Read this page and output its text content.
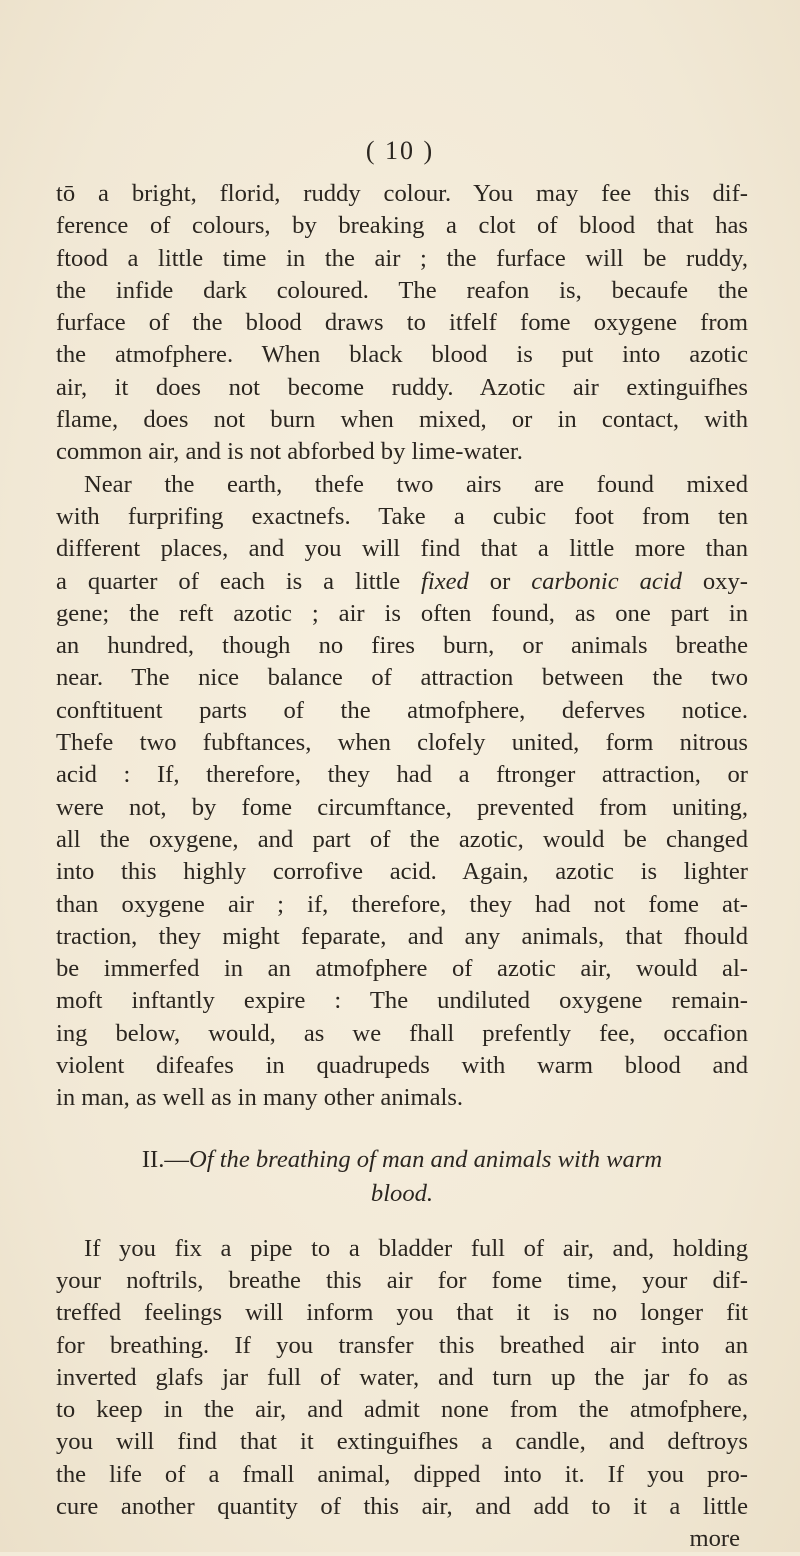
( 10 )

tō a bright, florid, ruddy colour. You may fee this dif-
ference of colours, by breaking a clot of blood that has
ftood a little time in the air ; the furface will be ruddy,
the infide dark coloured. The reafon is, becaufe the
furface of the blood draws to itfelf fome oxygene from
the atmofphere. When black blood is put into azotic
air, it does not become ruddy. Azotic air extinguifhes
flame, does not burn when mixed, or in contact, with
common air, and is not abforbed by lime-water.

Near the earth, thefe two airs are found mixed
with furprifing exactnefs. Take a cubic foot from ten
different places, and you will find that a little more than
a quarter of each is a little fixed or carbonic acid oxy-
gene; the reft azotic ; air is often found, as one part in
an hundred, though no fires burn, or animals breathe
near. The nice balance of attraction between the two
conftituent parts of the atmofphere, deferves notice.
Thefe two fubftances, when clofely united, form nitrous
acid : If, therefore, they had a ftronger attraction, or
were not, by fome circumftance, prevented from uniting,
all the oxygene, and part of the azotic, would be changed
into this highly corrofive acid. Again, azotic is lighter
than oxygene air ; if, therefore, they had not fome at-
traction, they might feparate, and any animals, that fhould
be immerfed in an atmofphere of azotic air, would al-
moft inftantly expire : The undiluted oxygene remain-
ing below, would, as we fhall prefently fee, occafion
violent difeafes in quadrupeds with warm blood and
in man, as well as in many other animals.

II.—Of the breathing of man and animals with warm
blood.

If you fix a pipe to a bladder full of air, and, holding
your noftrils, breathe this air for fome time, your dif-
treffed feelings will inform you that it is no longer fit
for breathing. If you transfer this breathed air into an
inverted glafs jar full of water, and turn up the jar fo as
to keep in the air, and admit none from the atmofphere,
you will find that it extinguifhes a candle, and deftroys
the life of a fmall animal, dipped into it. If you pro-
cure another quantity of this air, and add to it a little

more
